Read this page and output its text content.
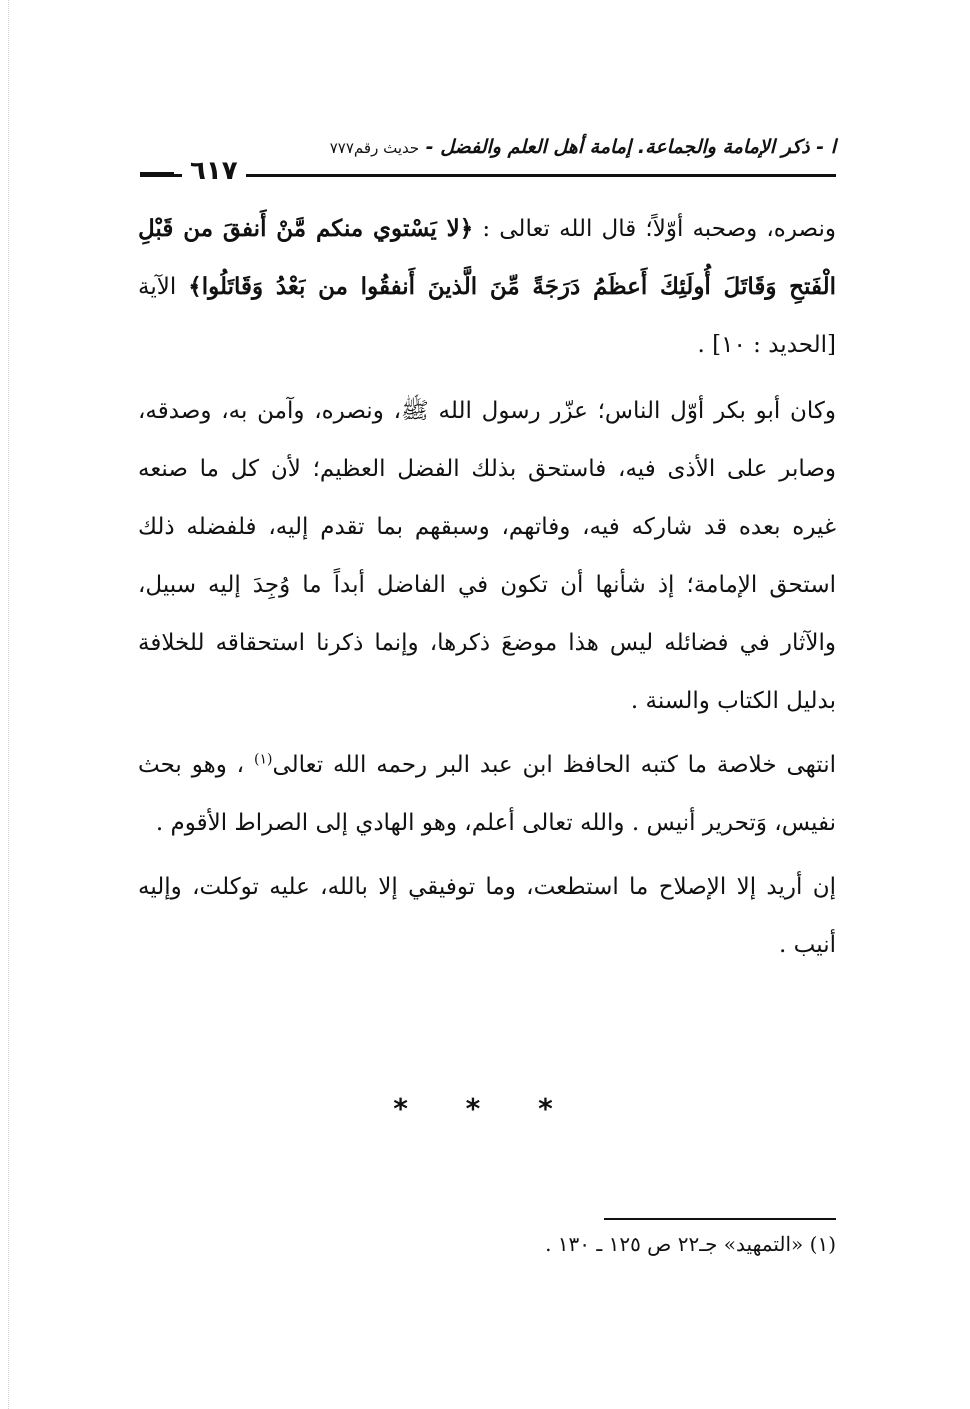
ا - ذكر الإمامة والجماعة. إمامة أهل العلم والفضل - حديث رقم٧٧٧
٦١٧

ونصره، وصحبه أوّلاً؛ قال الله تعالى : ﴿لا يَسْتوي منكم مَّنْ أَنفقَ من قَبْلِ الْفَتحِ وَقَاتَلَ أُولَئِكَ أَعظَمُ دَرَجَةً مِّنَ الَّذينَ أَنفقُوا من بَعْدُ وَقَاتَلُوا﴾ الآية [الحديد : ١٠] .

وكان أبو بكر أوّل الناس؛ عزّر رسول الله ﷺ، ونصره، وآمن به، وصدقه، وصابر على الأذى فيه، فاستحق بذلك الفضل العظيم؛ لأن كل ما صنعه غيره بعده قد شاركه فيه، وفاتهم، وسبقهم بما تقدم إليه، فلفضله ذلك استحق الإمامة؛ إذ شأنها أن تكون في الفاضل أبداً ما وُجِدَ إليه سبيل، والآثار في فضائله ليس هذا موضعَ ذكرها، وإنما ذكرنا استحقاقه للخلافة بدليل الكتاب والسنة .

انتهى خلاصة ما كتبه الحافظ ابن عبد البر رحمه الله تعالى$^{(١)}$ ، وهو بحث نفيس، وَتحرير أنيس . والله تعالى أعلم، وهو الهادي إلى الصراط الأقوم .

إن أريد إلا الإصلاح ما استطعت، وما توفيقي إلا بالله، عليه توكلت، وإليه أنيب .

* * *
(١) «التمهيد» جـ٢٢ ص ١٢٥ ـ ١٣٠ .
